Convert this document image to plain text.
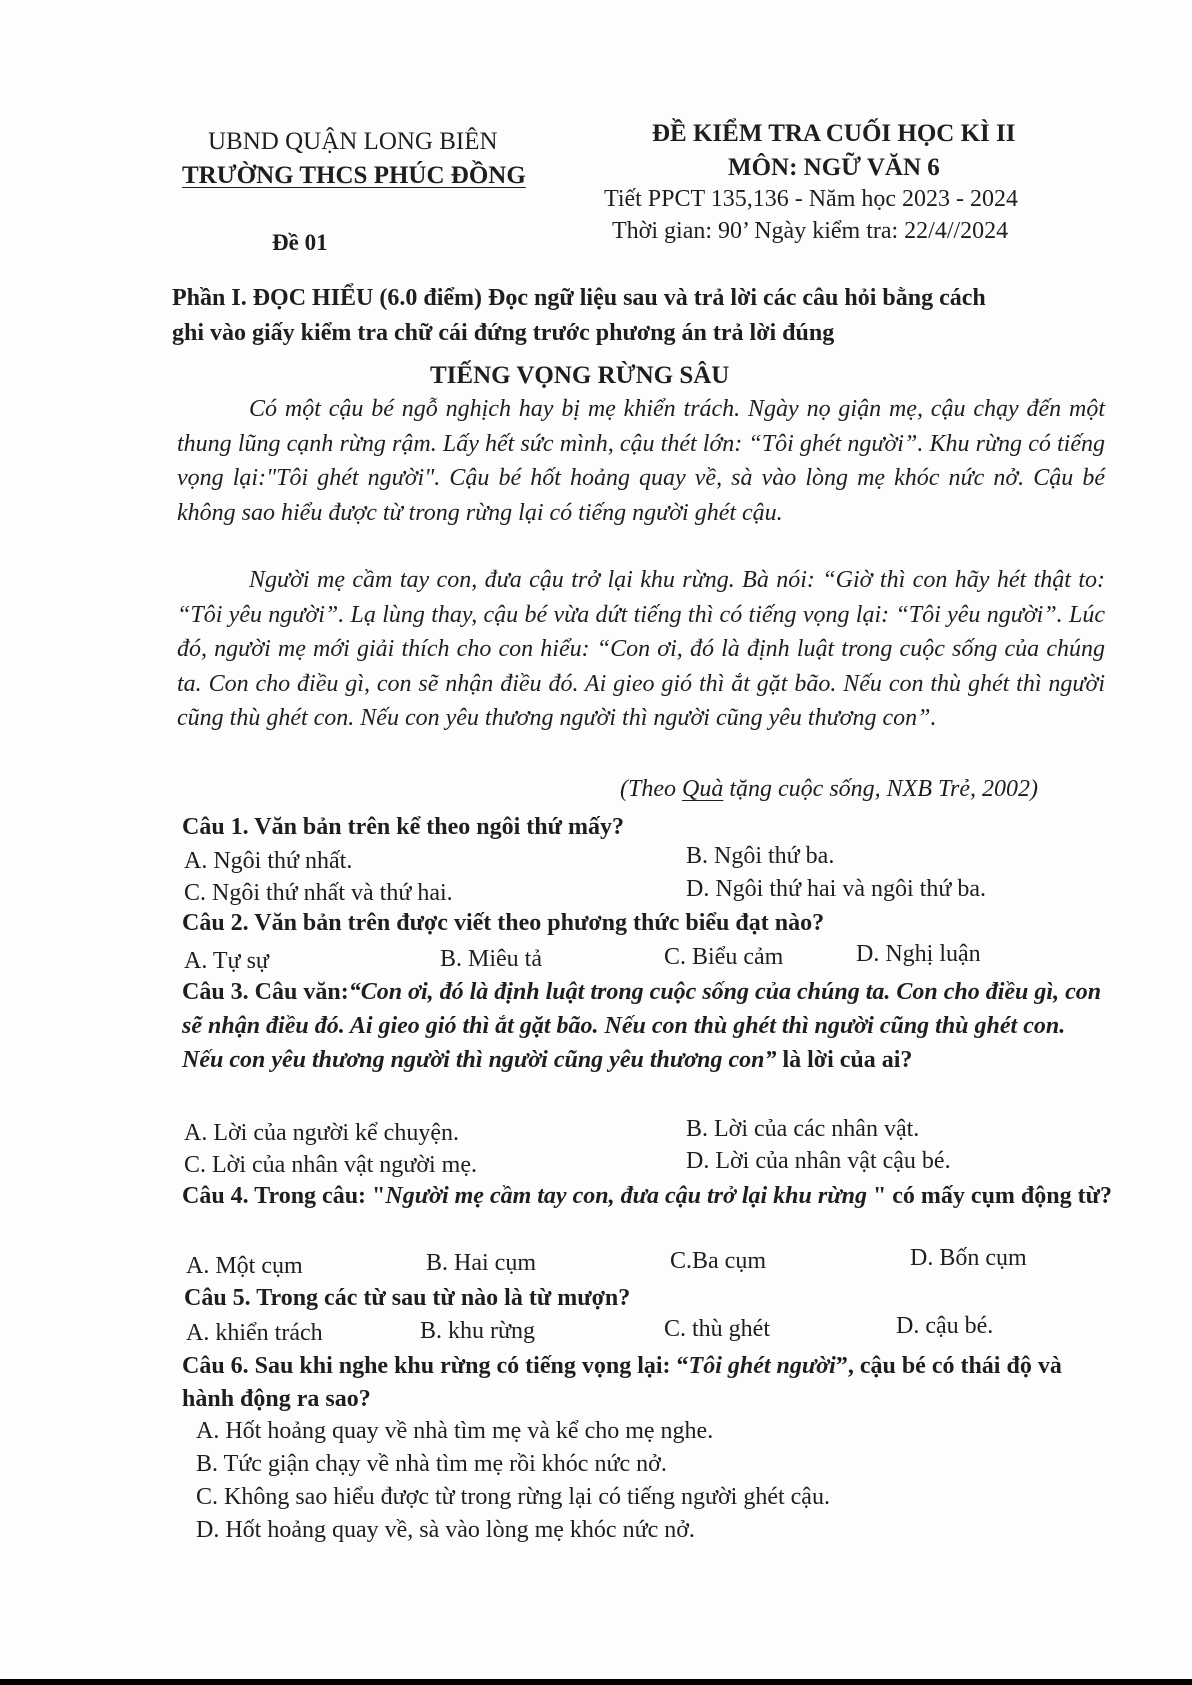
UBND QUẬN LONG BIÊN
TRƯỜNG THCS PHÚC ĐỒNG
Đề 01
ĐỀ KIỂM TRA CUỐI HỌC KÌ II
MÔN: NGỮ VĂN 6
Tiết PPCT 135,136 - Năm học 2023 - 2024
Thời gian: 90’ Ngày kiểm tra: 22/4//2024
Phần I. ĐỌC HIỂU (6.0 điểm) Đọc ngữ liệu sau và trả lời các câu hỏi bằng cách
ghi vào giấy kiểm tra chữ cái đứng trước phương án trả lời đúng
TIẾNG VỌNG RỪNG SÂU

Có một cậu bé ngỗ nghịch hay bị mẹ khiển trách. Ngày nọ giận mẹ, cậu chạy đến một thung lũng cạnh rừng rậm. Lấy hết sức mình, cậu thét lớn: “Tôi ghét người”. Khu rừng có tiếng vọng lại:"Tôi ghét người". Cậu bé hốt hoảng quay về, sà vào lòng mẹ khóc nức nở. Cậu bé không sao hiểu được từ trong rừng lại có tiếng người ghét cậu.

Người mẹ cầm tay con, đưa cậu trở lại khu rừng. Bà nói: “Giờ thì con hãy hét thật to: “Tôi yêu người”. Lạ lùng thay, cậu bé vừa dứt tiếng thì có tiếng vọng lại: “Tôi yêu người”. Lúc đó, người mẹ mới giải thích cho con hiểu: “Con ơi, đó là định luật trong cuộc sống của chúng ta. Con cho điều gì, con sẽ nhận điều đó. Ai gieo gió thì ắt gặt bão. Nếu con thù ghét thì người cũng thù ghét con. Nếu con yêu thương người thì người cũng yêu thương con”.

(Theo Quà tặng cuộc sống, NXB Trẻ, 2002)
Câu 1. Văn bản trên kể theo ngôi thứ mấy?
A. Ngôi thứ nhất.	B. Ngôi thứ ba.
C. Ngôi thứ nhất và thứ hai.	D. Ngôi thứ hai và ngôi thứ ba.
Câu 2. Văn bản trên được viết theo phương thức biểu đạt nào?
A. Tự sự	B. Miêu tả	C. Biểu cảm	D. Nghị luận
Câu 3. Câu văn:“Con ơi, đó là định luật trong cuộc sống của chúng ta. Con cho điều gì, con sẽ nhận điều đó. Ai gieo gió thì ắt gặt bão. Nếu con thù ghét thì người cũng thù ghét con. Nếu con yêu thương người thì người cũng yêu thương con” là lời của ai?
A. Lời của người kể chuyện.	B. Lời của các nhân vật.
C. Lời của nhân vật người mẹ.	D. Lời của nhân vật cậu bé.
Câu 4. Trong câu: "Người mẹ cầm tay con, đưa cậu trở lại khu rừng " có mấy cụm động từ?
A. Một cụm	B. Hai cụm	C.Ba cụm	D. Bốn cụm
Câu 5. Trong các từ sau từ nào là từ mượn?
A. khiển trách	B. khu rừng	C. thù ghét	D. cậu bé.
Câu 6. Sau khi nghe khu rừng có tiếng vọng lại: “Tôi ghét người”, cậu bé có thái độ và hành động ra sao?
A. Hốt hoảng quay về nhà tìm mẹ và kể cho mẹ nghe.
B. Tức giận chạy về nhà tìm mẹ rồi khóc nức nở.
C. Không sao hiểu được từ trong rừng lại có tiếng người ghét cậu.
D. Hốt hoảng quay về, sà vào lòng mẹ khóc nức nở.
